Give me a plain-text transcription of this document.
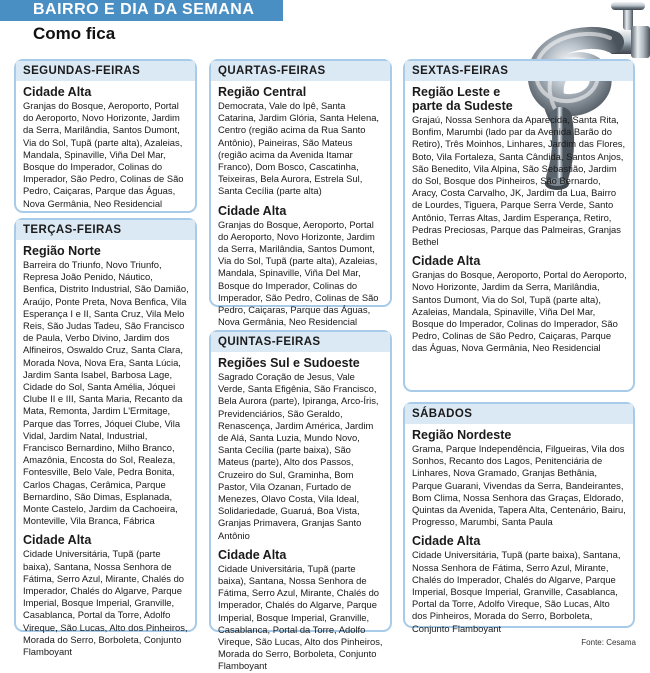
BAIRRO E DIA DA SEMANA
Como fica
SEGUNDAS-FEIRAS
Cidade Alta
Granjas do Bosque, Aeroporto, Portal do Aeroporto, Novo Horizonte, Jardim da Serra, Marilândia, Santos Dumont, Via do Sol, Tupã (parte alta), Azaleias, Mandala, Spinaville, Viña Del Mar, Bosque do Imperador, Colinas do Imperador, São Pedro, Colinas de São Pedro, Caiçaras, Parque das Águas, Nova Germânia, Neo Residencial
TERÇAS-FEIRAS
Região Norte
Barreira do Triunfo, Novo Triunfo, Represa João Penido, Náutico, Benfica, Distrito Industrial, São Damião, Araújo, Ponte Preta, Nova Benfica, Vila Esperança I e II, Santa Cruz, Vila Melo Reis, São Judas Tadeu, São Francisco de Paula, Verbo Divino, Jardim dos Alfineiros, Oswaldo Cruz, Santa Clara, Morada Nova, Nova Era, Santa Lúcia, Jardim Santa Isabel, Barbosa Lage, Cidade do Sol, Santa Amélia, Jóquei Clube II e III, Santa Maria, Recanto da Mata, Remonta, Jardim L'Ermitage, Parque das Torres, Jóquei Clube, Vila Vidal, Jardim Natal, Industrial, Francisco Bernardino, Milho Branco, Amazônia, Encosta do Sol, Realeza, Fontesville, Belo Vale, Pedra Bonita, Carlos Chagas, Cerâmica, Parque Bernardino, São Dimas, Esplanada, Monte Castelo, Jardim da Cachoeira, Monteville, Vila Branca, Fábrica
Cidade Alta
Cidade Universitária, Tupã (parte baixa), Santana, Nossa Senhora de Fátima, Serro Azul, Mirante, Chalés do Imperador, Chalés do Algarve, Parque Imperial, Bosque Imperial, Granville, Casablanca, Portal da Torre, Adolfo Vireque, São Lucas, Alto dos Pinheiros, Morada do Serro, Borboleta, Conjunto Flamboyant
QUARTAS-FEIRAS
Região Central
Democrata, Vale do Ipê, Santa Catarina, Jardim Glória, Santa Helena, Centro (região acima da Rua Santo Antônio), Paineiras, São Mateus (região acima da Avenida Itamar Franco), Dom Bosco, Cascatinha, Teixeiras, Bela Aurora, Estrela Sul, Santa Cecília (parte alta)
Cidade Alta
Granjas do Bosque, Aeroporto, Portal do Aeroporto, Novo Horizonte, Jardim da Serra, Marilândia, Santos Dumont, Via do Sol, Tupã (parte alta), Azaleias, Mandala, Spinaville, Viña Del Mar, Bosque do Imperador, Colinas do Imperador, São Pedro, Colinas de São Pedro, Caiçaras, Parque das Águas, Nova Germânia, Neo Residencial
QUINTAS-FEIRAS
Regiões Sul e Sudoeste
Sagrado Coração de Jesus, Vale Verde, Santa Efigênia, São Francisco, Bela Aurora (parte), Ipiranga, Arco-Íris, Previdenciários, São Geraldo, Renascença, Jardim América, Jardim de Alá, Santa Luzia, Mundo Novo, Santa Cecília (parte baixa), São Mateus (parte), Alto dos Passos, Cruzeiro do Sul, Graminha, Bom Pastor, Vila Ozanan, Furtado de Menezes, Olavo Costa, Vila Ideal, Solidariedade, Guaruá, Boa Vista, Granjas Primavera, Granjas Santo Antônio
Cidade Alta
Cidade Universitária, Tupã (parte baixa), Santana, Nossa Senhora de Fátima, Serro Azul, Mirante, Chalés do Imperador, Chalés do Algarve, Parque Imperial, Bosque Imperial, Granville, Casablanca, Portal da Torre, Adolfo Vireque, São Lucas, Alto dos Pinheiros, Morada do Serro, Borboleta, Conjunto Flamboyant
SEXTAS-FEIRAS
Região Leste e parte da Sudeste
Grajaú, Nossa Senhora da Aparecida, Santa Rita, Bonfim, Marumbi (lado par da Avenida Barão do Retiro), Três Moinhos, Linhares, Jardim das Flores, Boto, Vila Fortaleza, Santa Cândida, Santos Anjos, São Benedito, Vila Alpina, São Sebastião, Jardim do Sol, Bosque dos Pinheiros, São Bernardo, Aracy, Costa Carvalho, JK, Jardim da Lua, Bairro de Lourdes, Tiguera, Parque Serra Verde, Santo Antônio, Terras Altas, Jardim Esperança, Retiro, Pedras Preciosas, Parque das Palmeiras, Granjas Bethel
Cidade Alta
Granjas do Bosque, Aeroporto, Portal do Aeroporto, Novo Horizonte, Jardim da Serra, Marilândia, Santos Dumont, Via do Sol, Tupã (parte alta), Azaleias, Mandala, Spinaville, Viña Del Mar, Bosque do Imperador, Colinas do Imperador, São Pedro, Colinas de São Pedro, Caiçaras, Parque das Águas, Nova Germânia, Neo Residencial
SÁBADOS
Região Nordeste
Grama, Parque Independência, Filgueiras, Vila dos Sonhos, Recanto dos Lagos, Penitenciária de Linhares, Nova Gramado, Granjas Bethânia, Parque Guarani, Vivendas da Serra, Bandeirantes, Bom Clima, Nossa Senhora das Graças, Eldorado, Quintas da Avenida, Tapera Alta, Centenário, Bairu, Progresso, Marumbi, Santa Paula
Cidade Alta
Cidade Universitária, Tupã (parte baixa), Santana, Nossa Senhora de Fátima, Serro Azul, Mirante, Chalés do Imperador, Chalés do Algarve, Parque Imperial, Bosque Imperial, Granville, Casablanca, Portal da Torre, Adolfo Vireque, São Lucas, Alto dos Pinheiros, Morada do Serro, Borboleta, Conjunto Flamboyant
Fonte: Cesama
